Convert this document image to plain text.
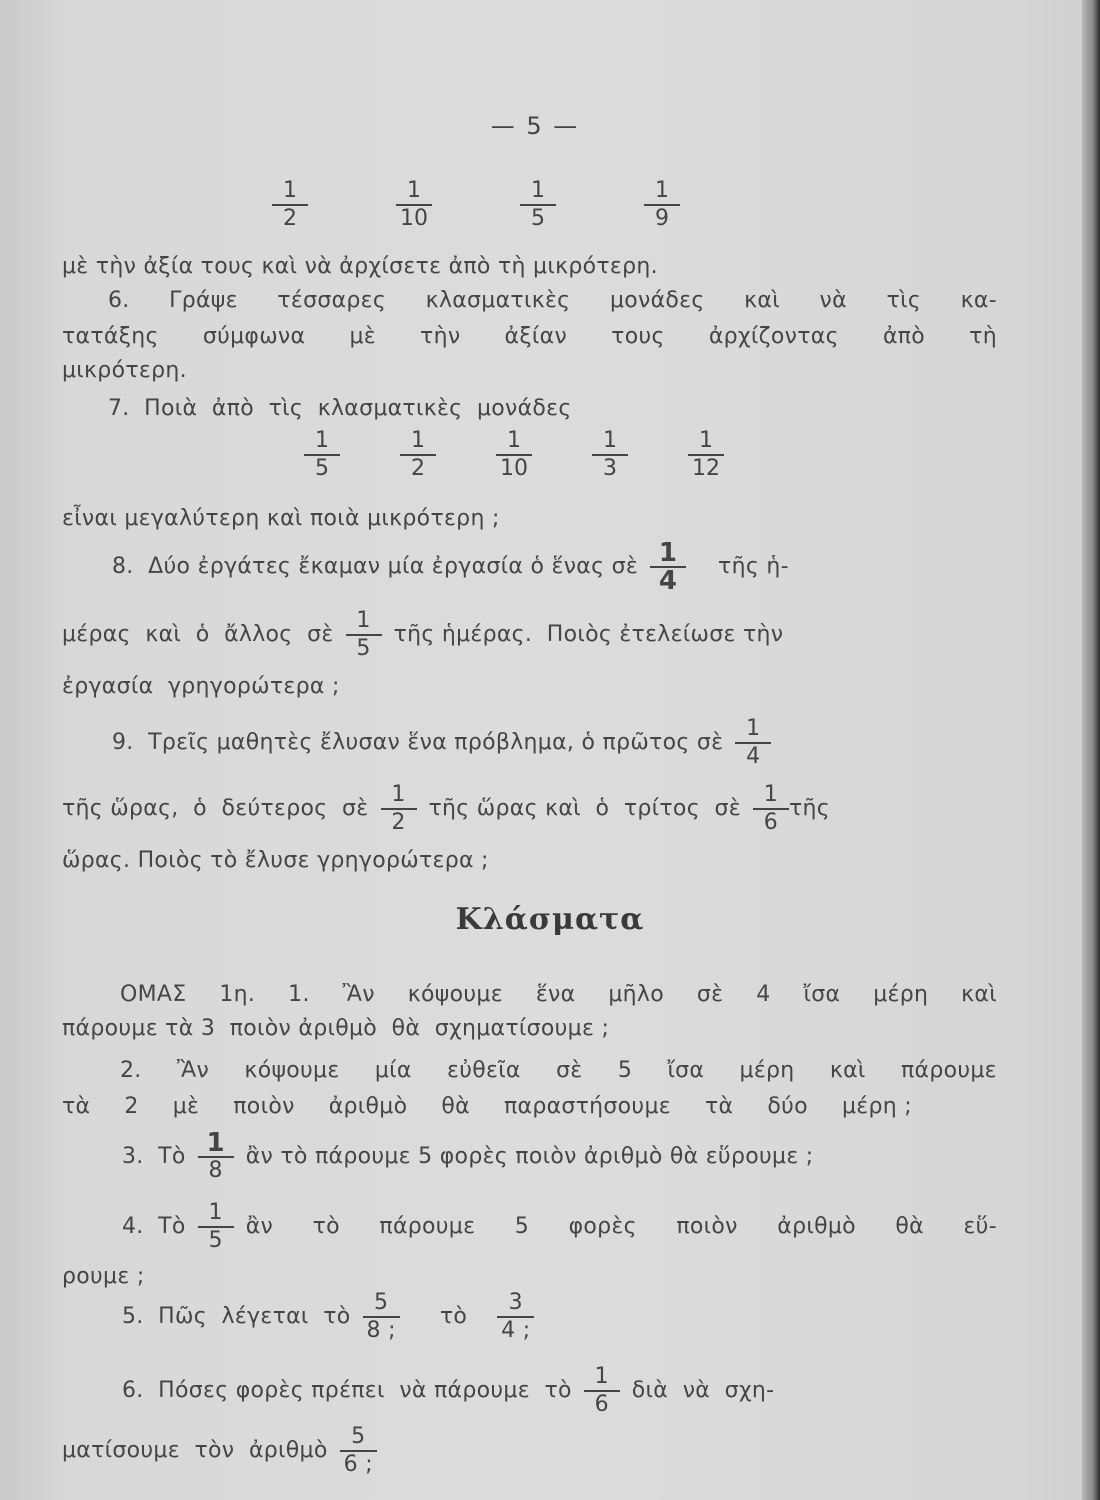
— 5 —
$\frac{1}{2}$	$\frac{1}{10}$	$\frac{1}{5}$	$\frac{1}{9}$
μὲ τὴν ἀξία τους καὶ νὰ ἀρχίσετε ἀπὸ τὴ μικρότερη.
6. Γράψε τέσσαρες κλασματικὲς μονάδες καὶ νὰ τὶς κα-
τατάξης σύμφωνα μὲ τὴν ἀξίαν τους ἀρχίζοντας ἀπὸ τὴ
μικρότερη.
7.  Ποιὰ  ἀπὸ  τὶς  κλασματικὲς  μονάδες
$\frac{1}{5}$	$\frac{1}{2}$	$\frac{1}{10}$	$\frac{1}{3}$	$\frac{1}{12}$
εἶναι μεγαλύτερη καὶ ποιὰ μικρότερη ;
8.  Δύο ἐργάτες ἔκαμαν μία ἐργασία ὁ ἕνας σὲ $\frac{1}{4}$ τῆς ἡ-
μέρας  καὶ  ὁ  ἄλλος  σὲ $\frac{1}{5}$ τῆς ἡμέρας.  Ποιὸς ἐτελείωσε τὴν
ἐργασία  γρηγορώτερα ;
9.  Τρεῖς μαθητὲς ἔλυσαν ἕνα πρόβλημα, ὁ πρῶτος σὲ $\frac{1}{4}$
τῆς ὥρας,  ὁ  δεύτερος  σὲ $\frac{1}{2}$ τῆς ὥρας καὶ  ὁ  τρίτος  σὲ $\frac{1}{6}$ τῆς
ὥρας. Ποιὸς τὸ ἔλυσε γρηγορώτερα ;
Κλάσματα
ΟΜΑΣ 1η. 1. Ἂν κόψουμε ἕνα μῆλο σὲ 4 ἴσα μέρη καὶ
πάρουμε τὰ 3  ποιὸν ἀριθμὸ  θὰ  σχηματίσουμε ;
2. Ἂν κόψουμε μία εὐθεῖα σὲ 5 ἴσα μέρη καὶ πάρουμε
τὰ 2 μὲ ποιὸν ἀριθμὸ θὰ παραστήσουμε τὰ δύο μέρη ;
3.  Τὸ $\frac{1}{8}$ ἂν τὸ πάρουμε 5 φορὲς ποιὸν ἀριθμὸ θὰ εὕρουμε ;
4.  Τὸ $\frac{1}{5}$ ἂν τὸ πάρουμε 5 φορὲς ποιὸν ἀριθμὸ θὰ εὕ-
ρουμε ;
5.  Πῶς  λέγεται  τὸ $\frac{5}{8 ;}$ τὸ $\frac{3}{4 ;}$
6.  Πόσες φορὲς πρέπει  νὰ πάρουμε  τὸ $\frac{1}{6}$ διὰ  νὰ  σχη-
ματίσουμε  τὸν  ἀριθμὸ $\frac{5}{6 ;}$
